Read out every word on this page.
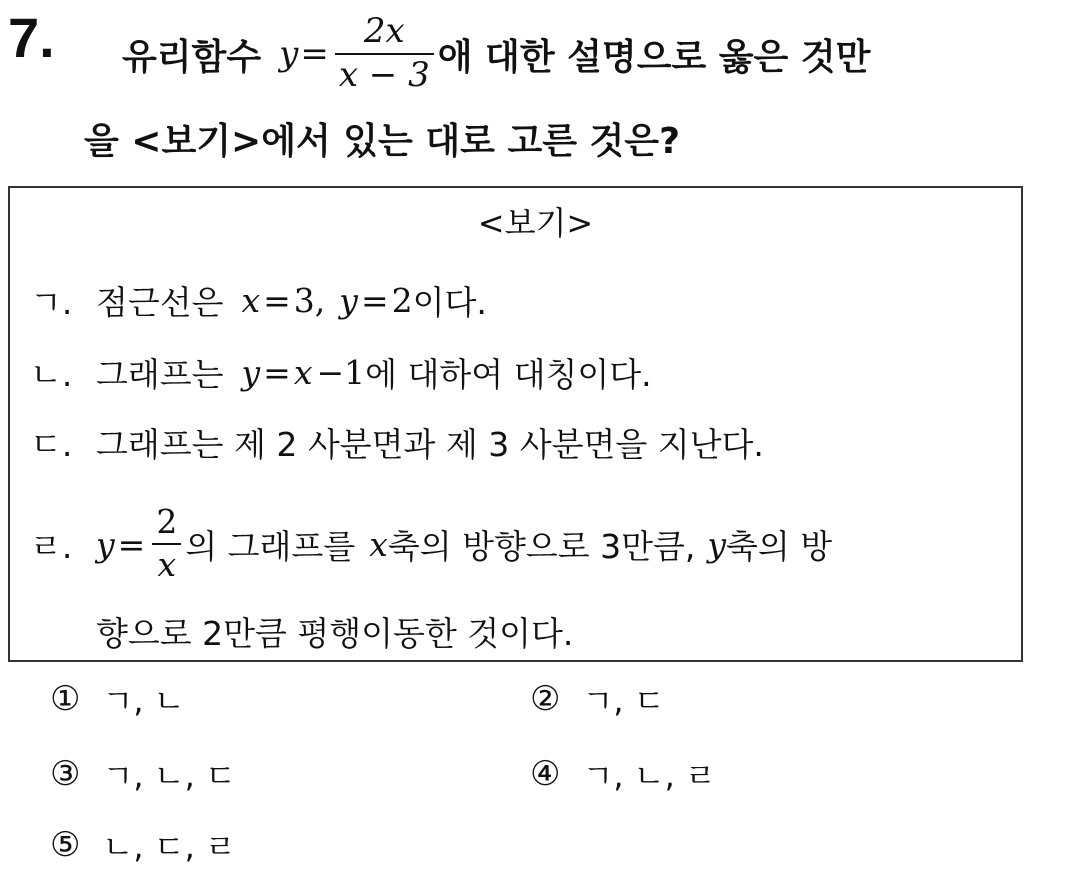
7. 유리함수 $y = \frac{2x}{x - 3}$ 애 대한 설명으로 옳은 것만
을 <보기>에서 있는 대로 고른 것은?
<보기>
ㄱ. 점근선은 x = 3, y = 2 이다.
ㄴ. 그래프는 y = x −1 에 대하여 대칭이다.
ㄷ. 그래프는 제 2 사분면과 제 3 사분면을 지난다.
ㄹ. $y = \frac{2}{x}$ 의 그래프를 x 축의 방향으로 3만큼, y 축의 방
향으로 2만큼 평행이동한 것이다.
① ㄱ, ㄴ	② ㄱ, ㄷ
③ ㄱ, ㄴ, ㄷ	④ ㄱ, ㄴ, ㄹ
⑤ ㄴ, ㄷ, ㄹ
